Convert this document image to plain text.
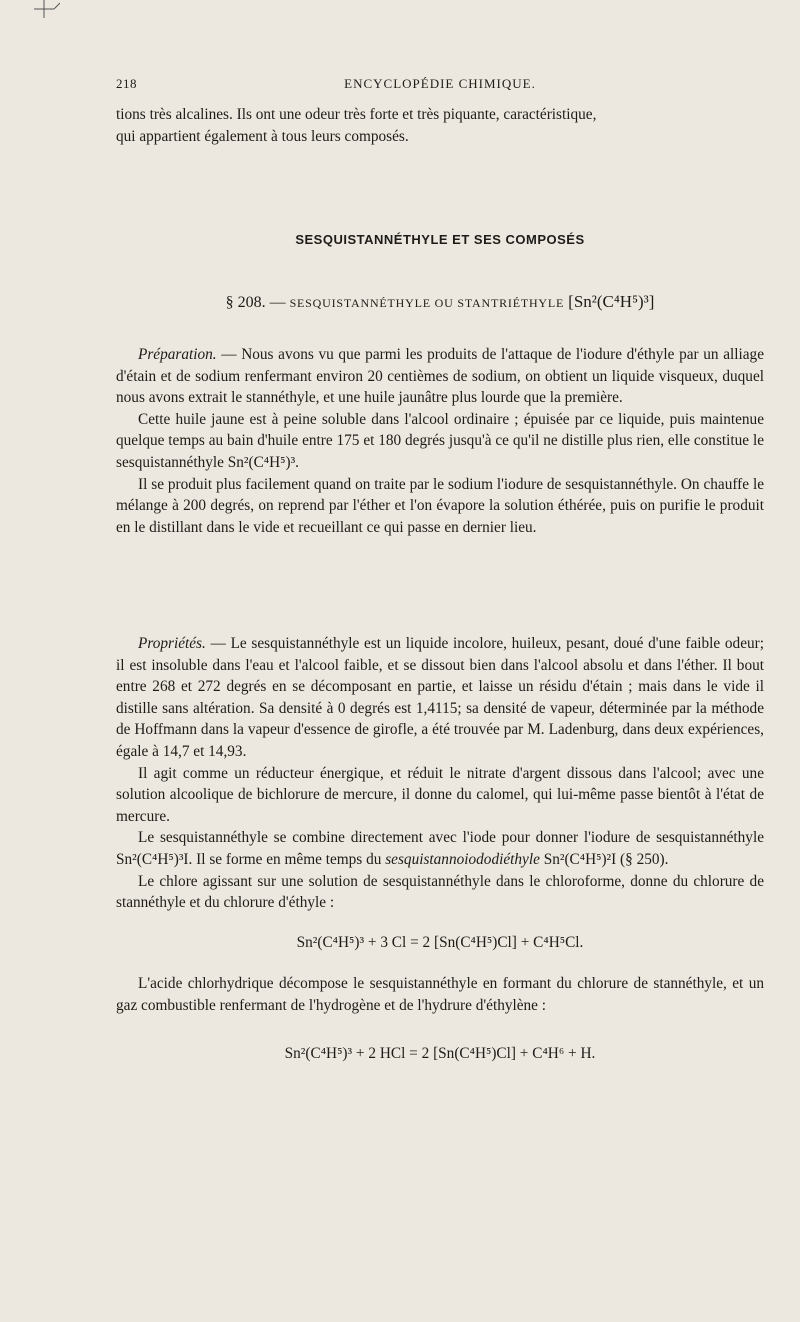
218	ENCYCLOPÉDIE CHIMIQUE.

tions très alcalines. Ils ont une odeur très forte et très piquante, caractéristique,

qui appartient également à tous leurs composés.

SESQUISTANNÉTHYLE ET SES COMPOSÉS
§ 208. — SESQUISTANNÉTHYLE OU STANTRIÉTHYLE [Sn²(C⁴H⁵)³]

Préparation. — Nous avons vu que parmi les produits de l'attaque de l'iodure d'éthyle par un alliage d'étain et de sodium renfermant environ 20 centièmes de sodium, on obtient un liquide visqueux, duquel nous avons extrait le stannéthyle, et une huile jaunâtre plus lourde que la première.

Cette huile jaune est à peine soluble dans l'alcool ordinaire ; épuisée par ce liquide, puis maintenue quelque temps au bain d'huile entre 175 et 180 degrés jusqu'à ce qu'il ne distille plus rien, elle constitue le sesquistannéthyle Sn²(C⁴H⁵)³.

Il se produit plus facilement quand on traite par le sodium l'iodure de sesquistannéthyle. On chauffe le mélange à 200 degrés, on reprend par l'éther et l'on évapore la solution éthérée, puis on purifie le produit en le distillant dans le vide et recueillant ce qui passe en dernier lieu.

Propriétés. — Le sesquistannéthyle est un liquide incolore, huileux, pesant, doué d'une faible odeur; il est insoluble dans l'eau et l'alcool faible, et se dissout bien dans l'alcool absolu et dans l'éther. Il bout entre 268 et 272 degrés en se décomposant en partie, et laisse un résidu d'étain ; mais dans le vide il distille sans altération. Sa densité à 0 degrés est 1,4115; sa densité de vapeur, déterminée par la méthode de Hoffmann dans la vapeur d'essence de girofle, a été trouvée par M. Ladenburg, dans deux expériences, égale à 14,7 et 14,93.

Il agit comme un réducteur énergique, et réduit le nitrate d'argent dissous dans l'alcool; avec une solution alcoolique de bichlorure de mercure, il donne du calomel, qui lui-même passe bientôt à l'état de mercure.

Le sesquistannéthyle se combine directement avec l'iode pour donner l'iodure de sesquistannéthyle Sn²(C⁴H⁵)³I. Il se forme en même temps du sesquistannoiododiéthyle Sn²(C⁴H⁵)²I (§ 250).

Le chlore agissant sur une solution de sesquistannéthyle dans le chloroforme, donne du chlorure de stannéthyle et du chlorure d'éthyle :

Sn²(C⁴H⁵)³ + 3 Cl = 2 [Sn(C⁴H⁵)Cl] + C⁴H⁵Cl.

L'acide chlorhydrique décompose le sesquistannéthyle en formant du chlorure de stannéthyle, et un gaz combustible renfermant de l'hydrogène et de l'hydrure d'éthylène :

Sn²(C⁴H⁵)³ + 2 HCl = 2 [Sn(C⁴H⁵)Cl] + C⁴H⁶ + H.
